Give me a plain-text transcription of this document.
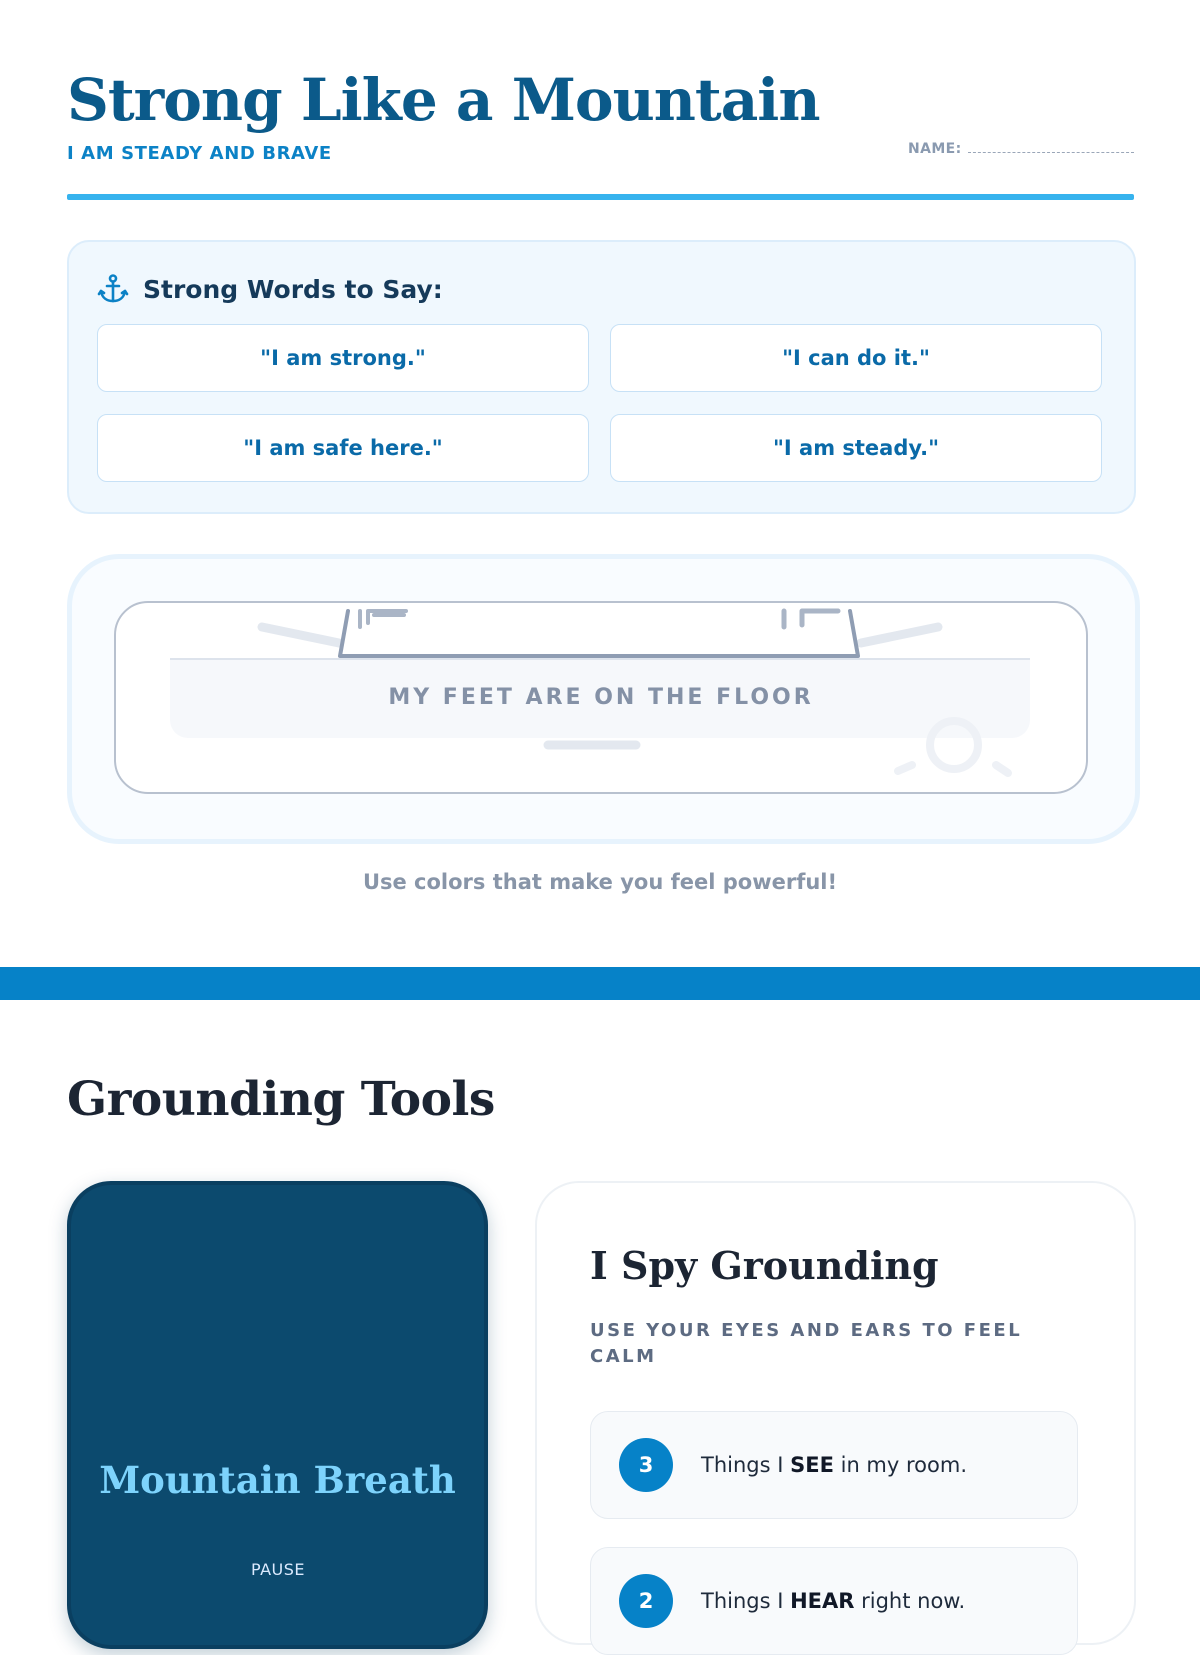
Strong Like a Mountain
I AM STEADY AND BRAVE	NAME:
Strong Words to Say:
"I am strong."	"I can do it."
"I am safe here."	"I am steady."
MY FEET ARE ON THE FLOOR
Use colors that make you feel powerful!
Grounding Tools
Mountain Breath
PAUSE
I Spy Grounding
USE YOUR EYES AND EARS TO FEEL CALM
3	Things I SEE in my room.
2	Things I HEAR right now.
